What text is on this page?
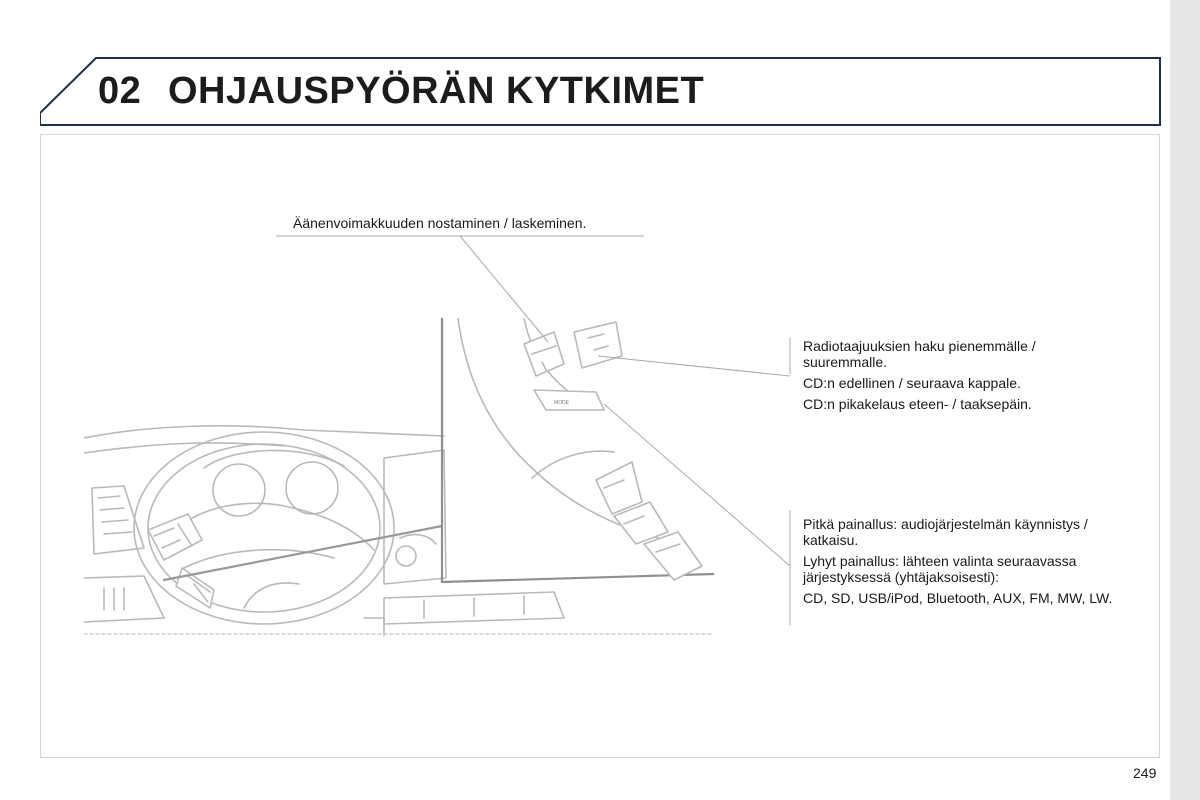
02 OHJAUSPYÖRÄN KYTKIMET
MODE

Äänenvoimakkuuden nostaminen / laskeminen.

Radiotaajuuksien haku pienemmälle / suuremmalle.

CD:n edellinen / seuraava kappale.

CD:n pikakelaus eteen- / taaksepäin.

Pitkä painallus: audiojärjestelmän käynnistys / katkaisu.

Lyhyt painallus: lähteen valinta seuraavassa järjestyksessä (yhtäjaksoisesti):

CD, SD, USB/iPod, Bluetooth, AUX, FM, MW, LW.

249
